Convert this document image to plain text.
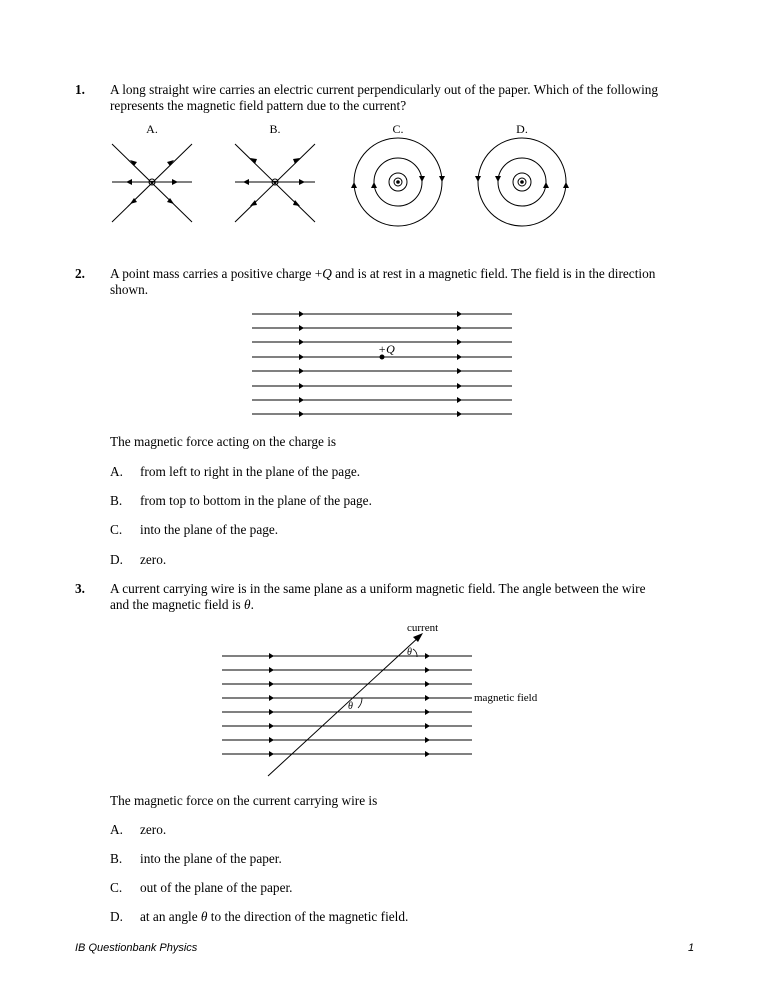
1. A long straight wire carries an electric current perpendicularly out of the paper. Which of the following represents the magnetic field pattern due to the current?
A.	B.	C.	D.
2. A point mass carries a positive charge +Q and is at rest in a magnetic field. The field is in the direction shown.
+Q
The magnetic force acting on the charge is
A. from left to right in the plane of the page.
B. from top to bottom in the plane of the page.
C. into the plane of the page.
D. zero.
3. A current carrying wire is in the same plane as a uniform magnetic field. The angle between the wire and the magnetic field is θ.
θ
θ
current
magnetic field
The magnetic force on the current carrying wire is
A. zero.
B. into the plane of the paper.
C. out of the plane of the paper.
D. at an angle θ to the direction of the magnetic field.
IB Questionbank Physics	1
